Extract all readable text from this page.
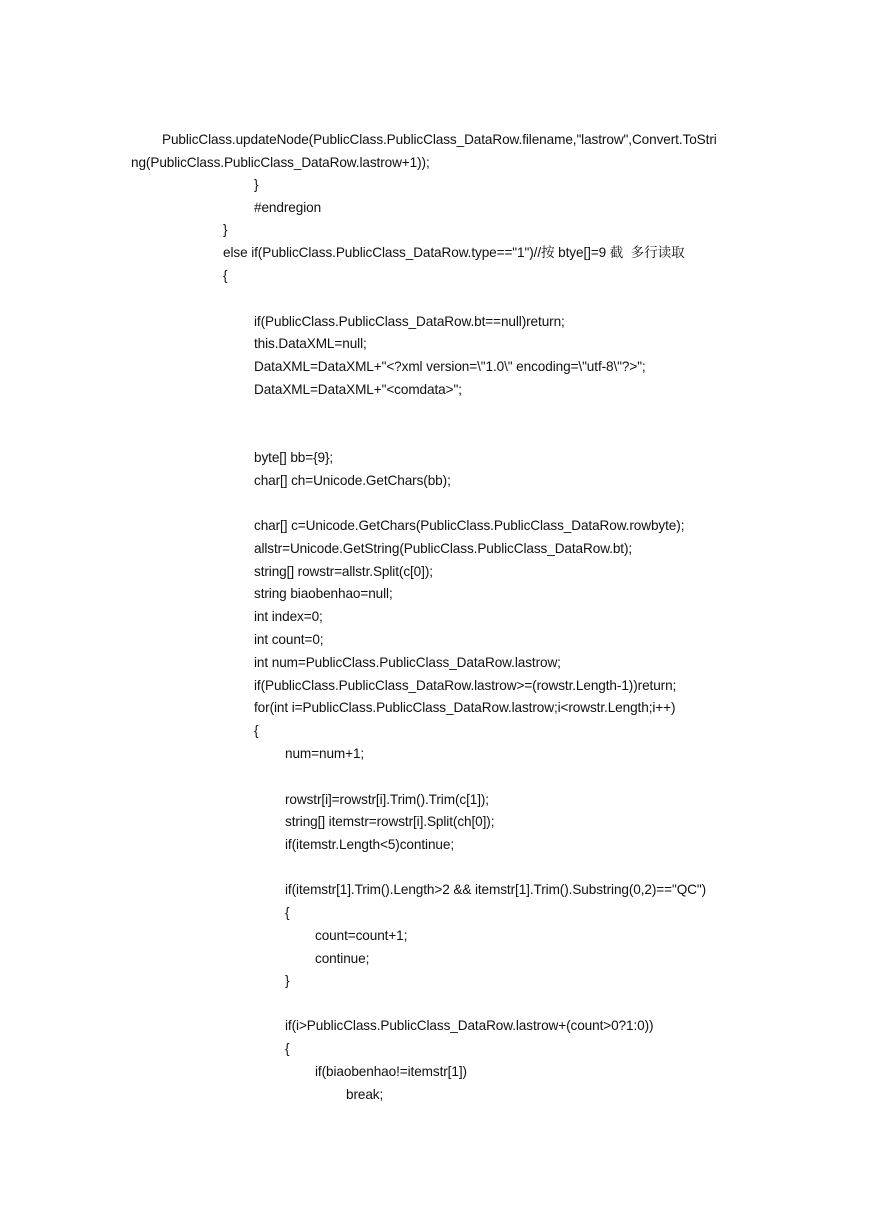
PublicClass.updateNode(PublicClass.PublicClass_DataRow.filename,"lastrow",Convert.ToStri
ng(PublicClass.PublicClass_DataRow.lastrow+1));
}
#endregion
}
else if(PublicClass.PublicClass_DataRow.type=="1")//按 btye[]=9 截  多行读取
{
if(PublicClass.PublicClass_DataRow.bt==null)return;
this.DataXML=null;
DataXML=DataXML+"<?xml version=\"1.0\" encoding=\"utf-8\"?>";
DataXML=DataXML+"<comdata>";
byte[] bb={9};
char[] ch=Unicode.GetChars(bb);
char[] c=Unicode.GetChars(PublicClass.PublicClass_DataRow.rowbyte);
allstr=Unicode.GetString(PublicClass.PublicClass_DataRow.bt);
string[] rowstr=allstr.Split(c[0]);
string biaobenhao=null;
int index=0;
int count=0;
int num=PublicClass.PublicClass_DataRow.lastrow;
if(PublicClass.PublicClass_DataRow.lastrow>=(rowstr.Length-1))return;
for(int i=PublicClass.PublicClass_DataRow.lastrow;i<rowstr.Length;i++)
{
num=num+1;
rowstr[i]=rowstr[i].Trim().Trim(c[1]);
string[] itemstr=rowstr[i].Split(ch[0]);
if(itemstr.Length<5)continue;
if(itemstr[1].Trim().Length>2 && itemstr[1].Trim().Substring(0,2)=="QC")
{
count=count+1;
continue;
}
if(i>PublicClass.PublicClass_DataRow.lastrow+(count>0?1:0))
{
if(biaobenhao!=itemstr[1])
break;
